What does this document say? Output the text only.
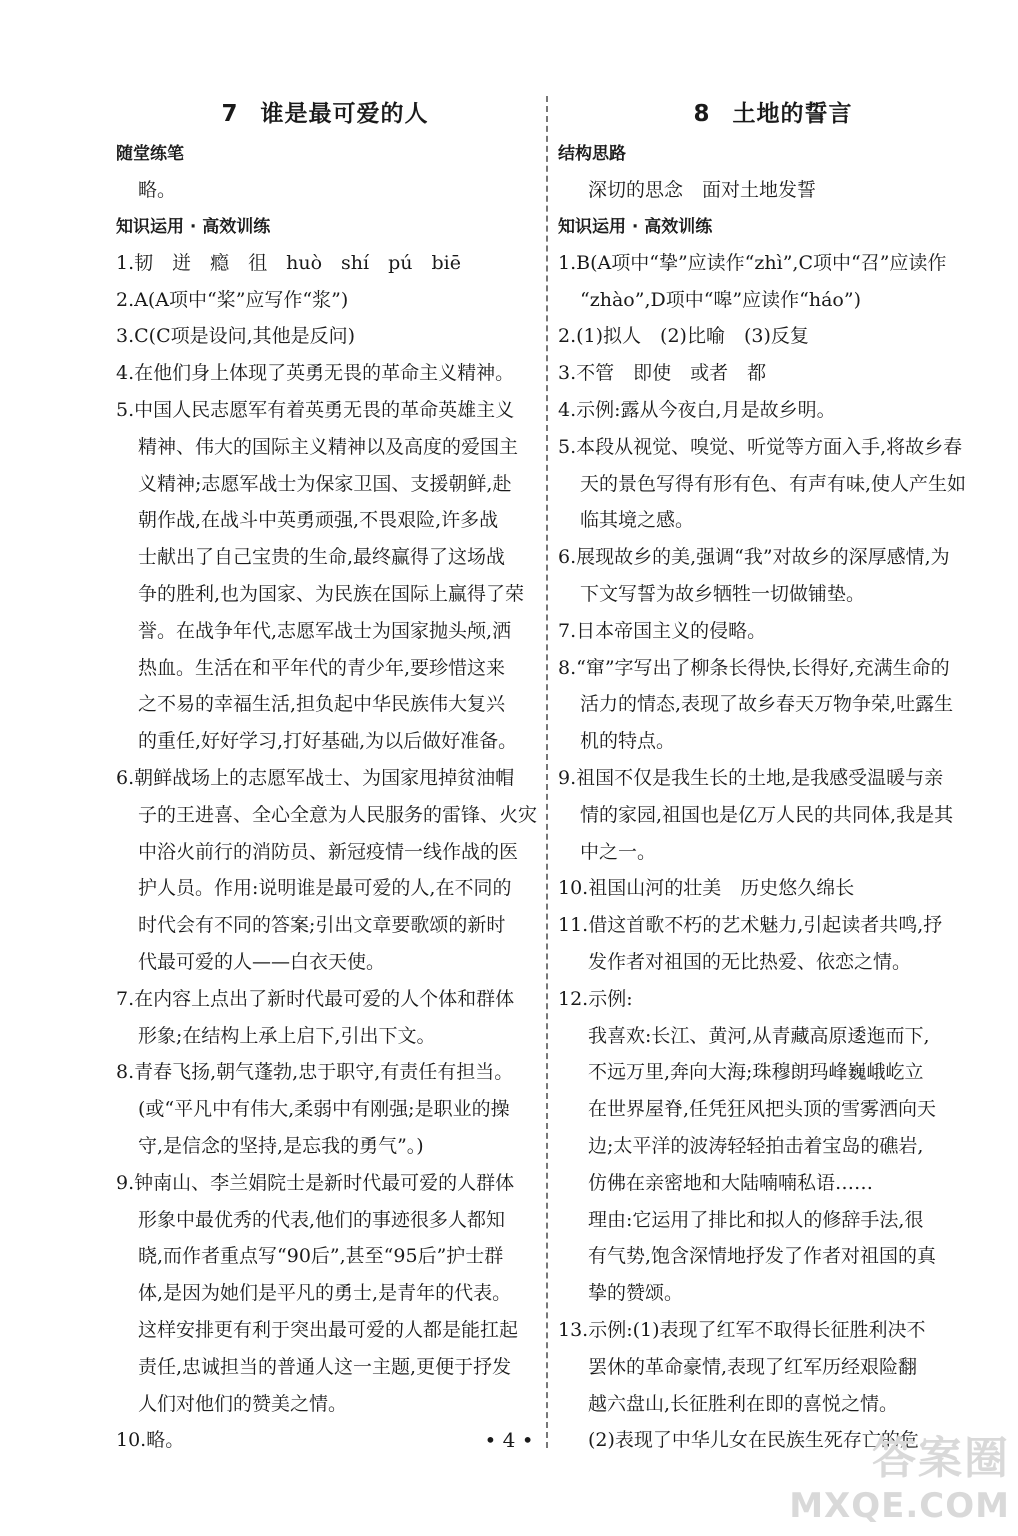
7 谁是最可爱的人
随堂练笔
略。
知识运用 · 高效训练
1.韧　迸　瘾　徂　huò　shí　pú　biē
2.A(A项中“桨”应写作“浆”)
3.C(C项是设问,其他是反问)
4.在他们身上体现了英勇无畏的革命主义精神。
5.中国人民志愿军有着英勇无畏的革命英雄主义
精神、伟大的国际主义精神以及高度的爱国主
义精神;志愿军战士为保家卫国、支援朝鲜,赴
朝作战,在战斗中英勇顽强,不畏艰险,许多战
士献出了自己宝贵的生命,最终赢得了这场战
争的胜利,也为国家、为民族在国际上赢得了荣
誉。在战争年代,志愿军战士为国家抛头颅,洒
热血。生活在和平年代的青少年,要珍惜这来
之不易的幸福生活,担负起中华民族伟大复兴
的重任,好好学习,打好基础,为以后做好准备。
6.朝鲜战场上的志愿军战士、为国家甩掉贫油帽
子的王进喜、全心全意为人民服务的雷锋、火灾
中浴火前行的消防员、新冠疫情一线作战的医
护人员。作用:说明谁是最可爱的人,在不同的
时代会有不同的答案;引出文章要歌颂的新时
代最可爱的人——白衣天使。
7.在内容上点出了新时代最可爱的人个体和群体
形象;在结构上承上启下,引出下文。
8.青春飞扬,朝气蓬勃,忠于职守,有责任有担当。
(或“平凡中有伟大,柔弱中有刚强;是职业的操
守,是信念的坚持,是忘我的勇气”。)
9.钟南山、李兰娟院士是新时代最可爱的人群体
形象中最优秀的代表,他们的事迹很多人都知
晓,而作者重点写“90后”,甚至“95后”护士群
体,是因为她们是平凡的勇士,是青年的代表。
这样安排更有利于突出最可爱的人都是能扛起
责任,忠诚担当的普通人这一主题,更便于抒发
人们对他们的赞美之情。
10.略。
8 土地的誓言
结构思路
深切的思念　面对土地发誓
知识运用 · 高效训练
1.B(A项中“挚”应读作“zhì”,C项中“召”应读作
“zhào”,D项中“嗥”应读作“háo”)
2.(1)拟人　(2)比喻　(3)反复
3.不管　即使　或者　都
4.示例:露从今夜白,月是故乡明。
5.本段从视觉、嗅觉、听觉等方面入手,将故乡春
天的景色写得有形有色、有声有味,使人产生如
临其境之感。
6.展现故乡的美,强调“我”对故乡的深厚感情,为
下文写誓为故乡牺牲一切做铺垫。
7.日本帝国主义的侵略。
8.“窜”字写出了柳条长得快,长得好,充满生命的
活力的情态,表现了故乡春天万物争荣,吐露生
机的特点。
9.祖国不仅是我生长的土地,是我感受温暖与亲
情的家园,祖国也是亿万人民的共同体,我是其
中之一。
10.祖国山河的壮美　历史悠久绵长
11.借这首歌不朽的艺术魅力,引起读者共鸣,抒
发作者对祖国的无比热爱、依恋之情。
12.示例:
我喜欢:长江、黄河,从青藏高原逶迤而下,
不远万里,奔向大海;珠穆朗玛峰巍峨屹立
在世界屋脊,任凭狂风把头顶的雪雾洒向天
边;太平洋的波涛轻轻拍击着宝岛的礁岩,
仿佛在亲密地和大陆喃喃私语……
理由:它运用了排比和拟人的修辞手法,很
有气势,饱含深情地抒发了作者对祖国的真
挚的赞颂。
13.示例:(1)表现了红军不取得长征胜利决不
罢休的革命豪情,表现了红军历经艰险翻
越六盘山,长征胜利在即的喜悦之情。
(2)表现了中华儿女在民族生死存亡的危
• 4 •	答案圈
MXQE.COM
